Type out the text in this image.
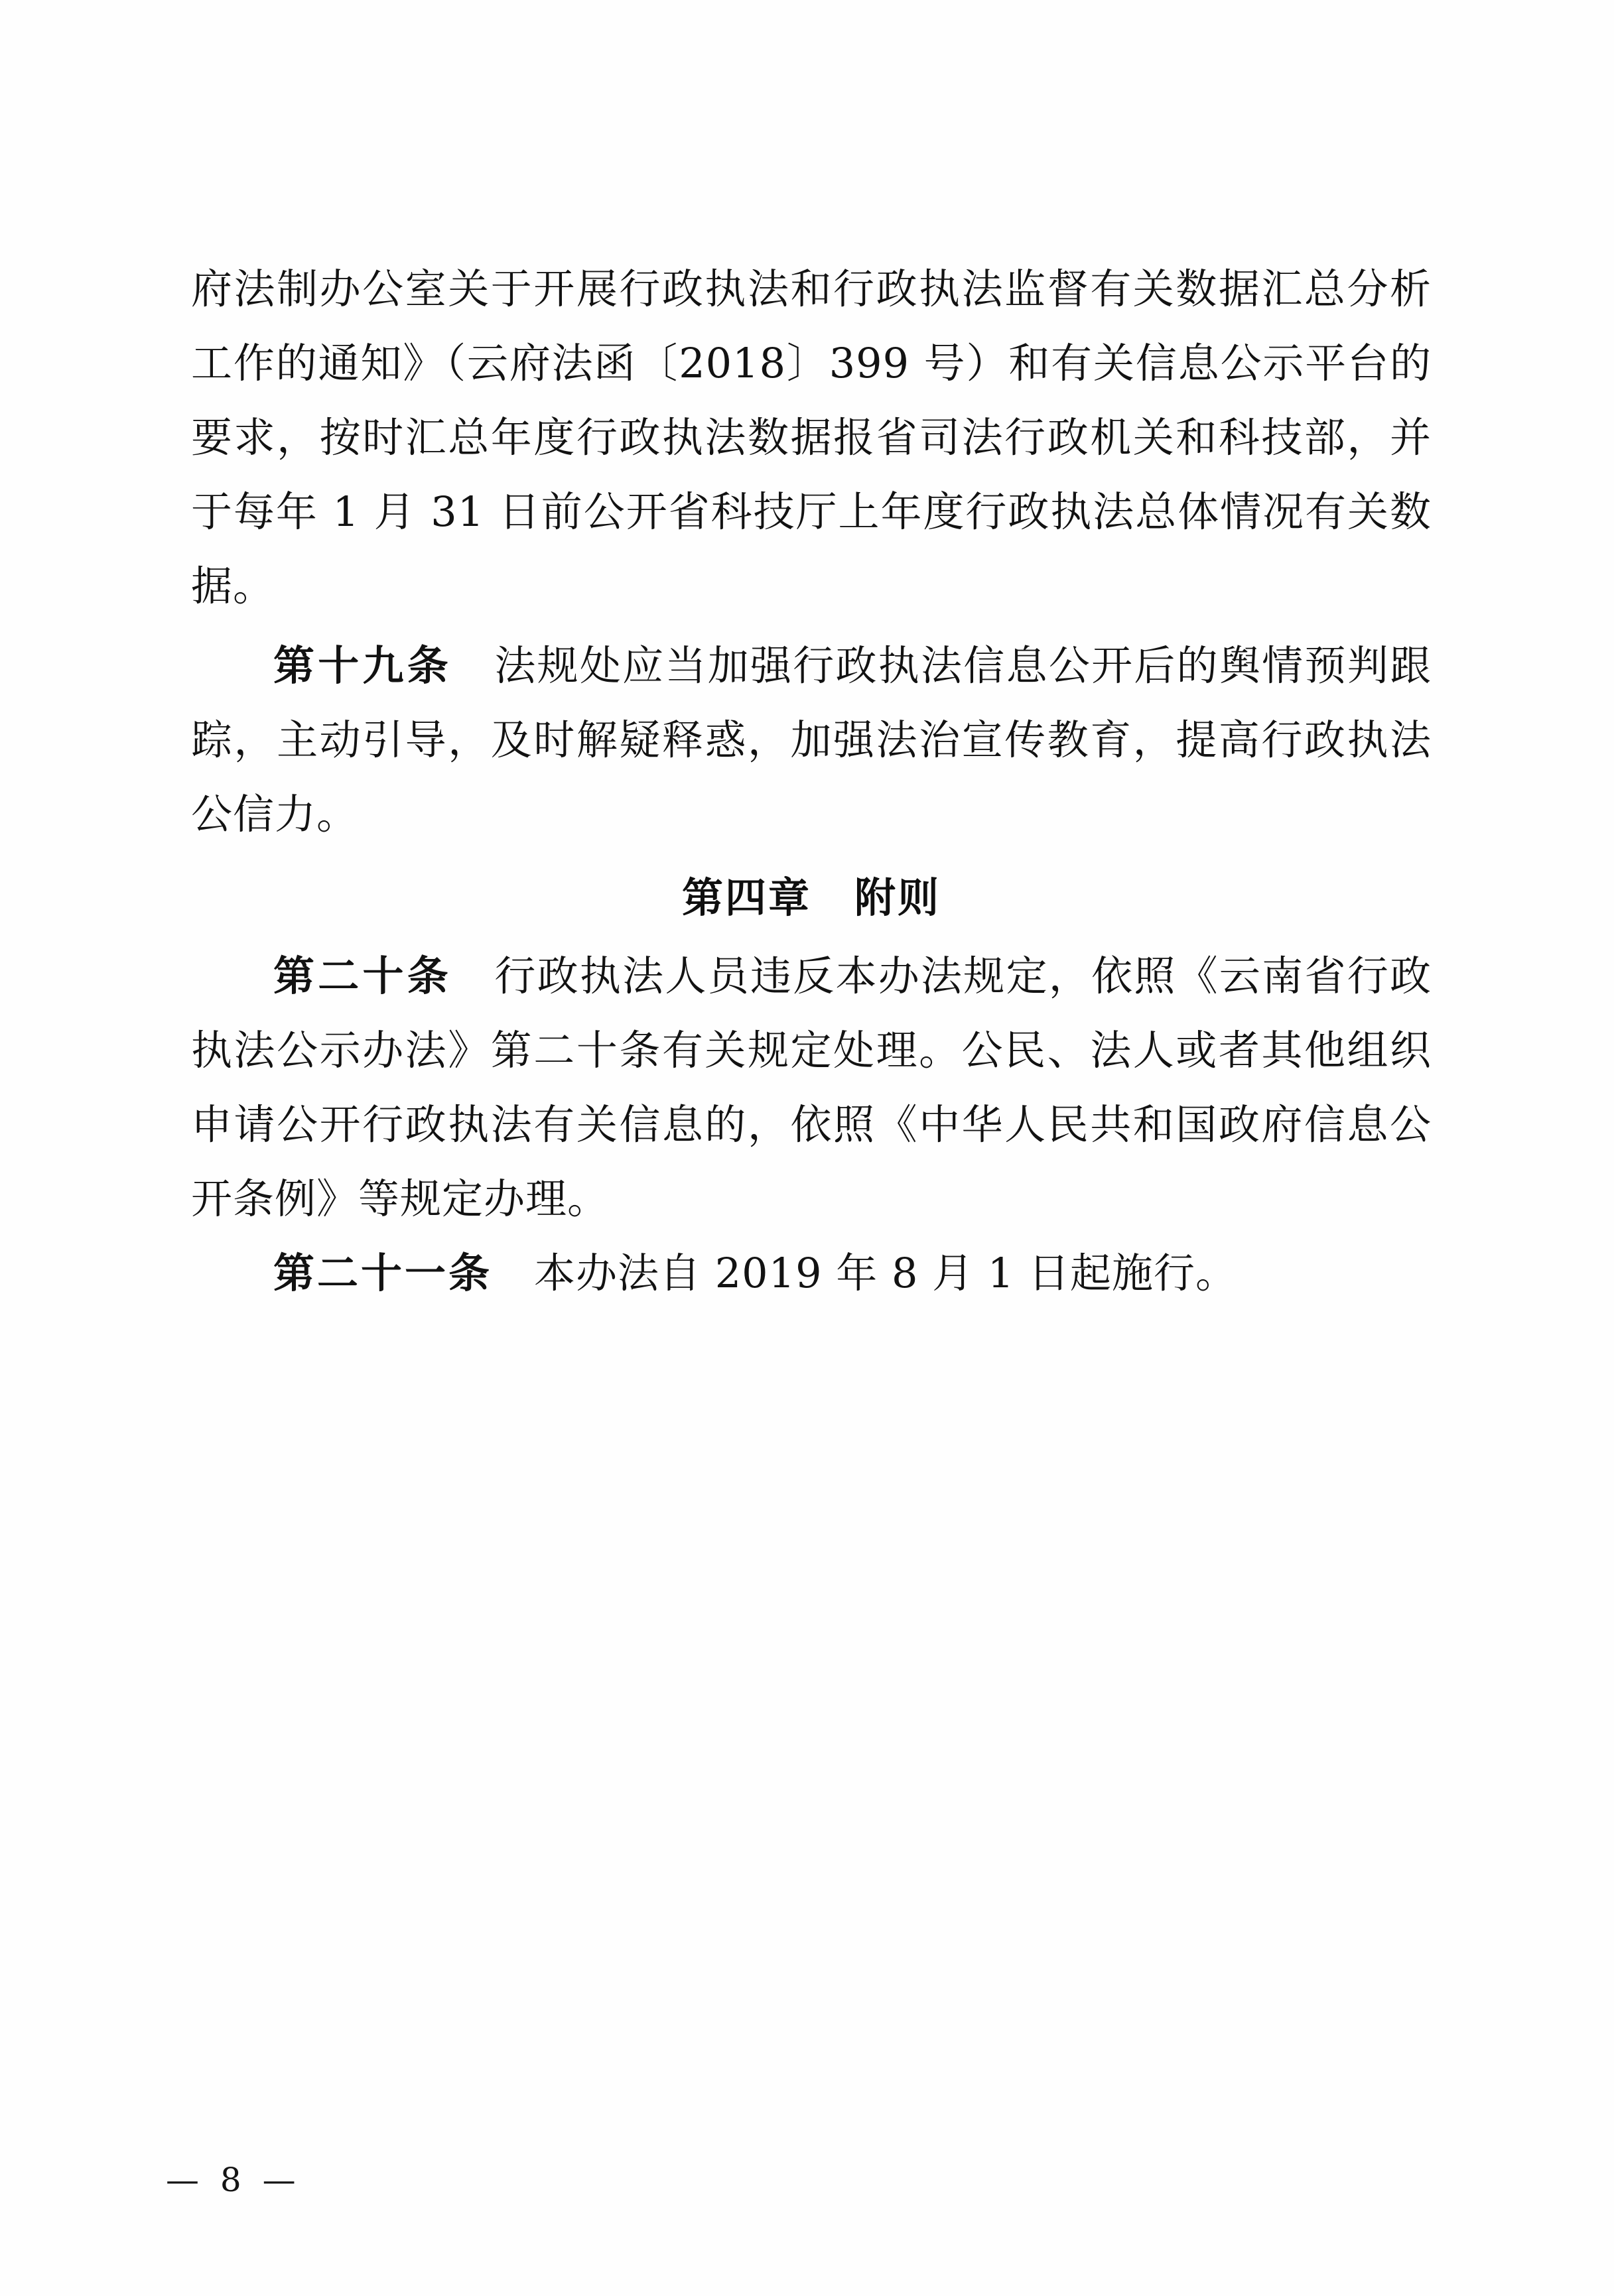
府法制办公室关于开展行政执法和行政执法监督有关数据汇总分析工作的通知》（云府法函〔2018〕399 号）和有关信息公示平台的要求，按时汇总年度行政执法数据报省司法行政机关和科技部，并于每年 1 月 31 日前公开省科技厅上年度行政执法总体情况有关数据。

第十九条　 法规处应当加强行政执法信息公开后的舆情预判跟踪，主动引导，及时解疑释惑，加强法治宣传教育，提高行政执法公信力。

第四章　附则

第二十条　 行政执法人员违反本办法规定，依照《云南省行政执法公示办法》第二十条有关规定处理。公民、法人或者其他组织申请公开行政执法有关信息的，依照《中华人民共和国政府信息公开条例》等规定办理。

第二十一条　 本办法自 2019 年 8 月 1 日起施行。

— 8 —
